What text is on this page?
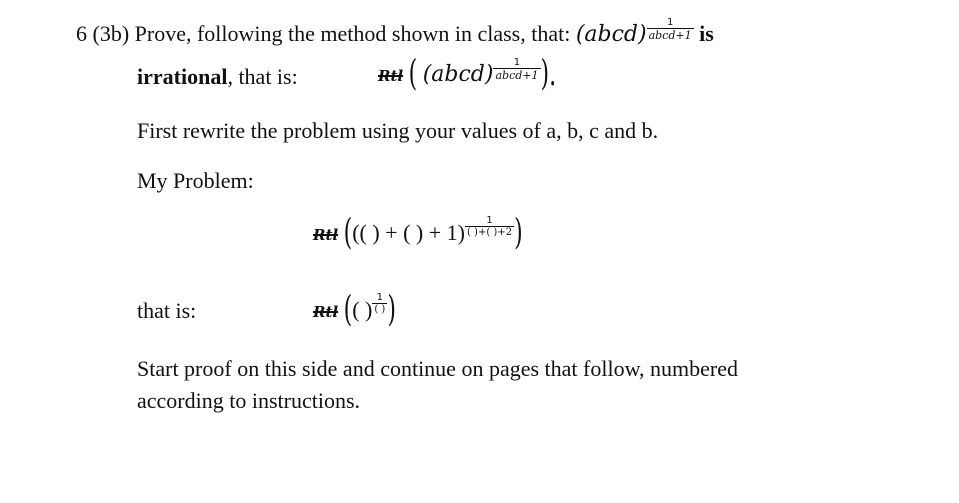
6 (3b) Prove, following the method shown in class, that: (abcd) $\frac{1}{\text{abcd+1}}$ is
irrational, that is:	Rtl ( (abcd) $\frac{1}{\text{abcd+1}}$ ).
First rewrite the problem using your values of a, b, c and b.
My Problem:
Rtl ((( ) + ( ) + $1) \frac{1}{( )+( )+2}$ )
that is:	Rtl (( ) $\frac{1}{( )}$ )
Start proof on this side and continue on pages that follow, numbered
according to instructions.
